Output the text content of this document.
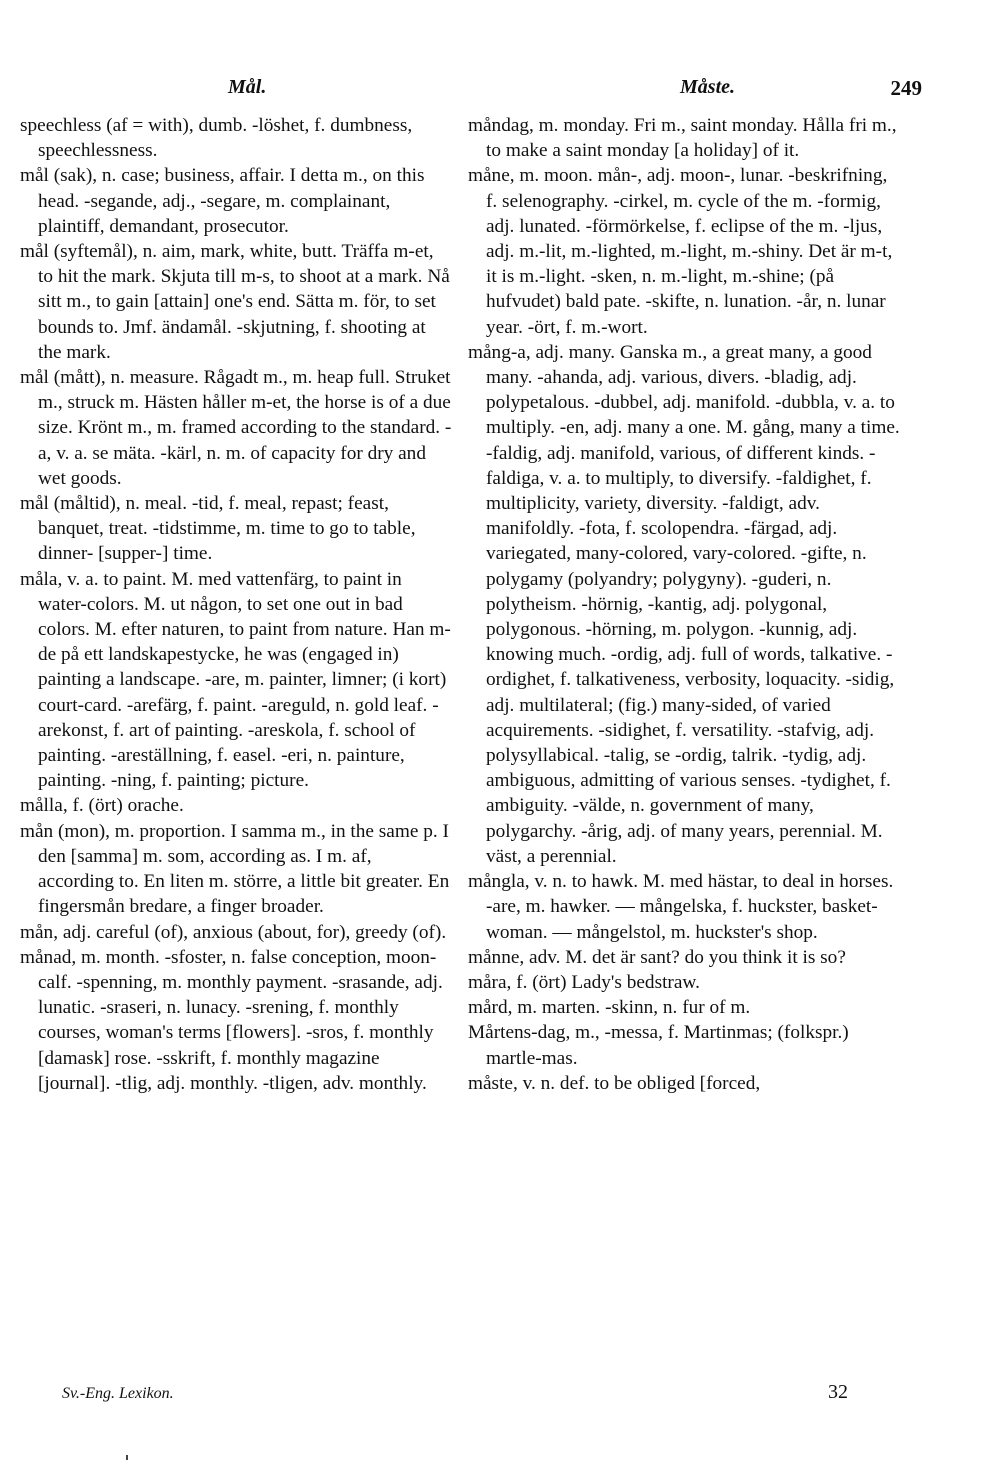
Mål.	Måste.	249

speechless (af = with), dumb. -löshet, f. dumbness, speechlessness.

mål (sak), n. case; business, affair. I detta m., on this head. -segande, adj., -segare, m. complainant, plaintiff, demandant, prosecutor.

mål (syftemål), n. aim, mark, white, butt. Träffa m-et, to hit the mark. Skjuta till m-s, to shoot at a mark. Nå sitt m., to gain [attain] one's end. Sätta m. för, to set bounds to. Jmf. ändamål. -skjutning, f. shooting at the mark.

mål (mått), n. measure. Rågadt m., m. heap full. Struket m., struck m. Hästen håller m-et, the horse is of a due size. Krönt m., m. framed according to the standard. -a, v. a. se mäta. -kärl, n. m. of capacity for dry and wet goods.

mål (måltid), n. meal. -tid, f. meal, repast; feast, banquet, treat. -tidstimme, m. time to go to table, dinner- [supper-] time.

måla, v. a. to paint. M. med vattenfärg, to paint in water-colors. M. ut någon, to set one out in bad colors. M. efter naturen, to paint from nature. Han m-de på ett landskapestycke, he was (engaged in) painting a landscape. -are, m. painter, limner; (i kort) court-card. -arefärg, f. paint. -areguld, n. gold leaf. -arekonst, f. art of painting. -areskola, f. school of painting. -areställning, f. easel. -eri, n. painture, painting. -ning, f. painting; picture.

målla, f. (ört) orache.

mån (mon), m. proportion. I samma m., in the same p. I den [samma] m. som, according as. I m. af, according to. En liten m. större, a little bit greater. En fingersmån bredare, a finger broader.

mån, adj. careful (of), anxious (about, for), greedy (of).

månad, m. month. -sfoster, n. false conception, moon-calf. -spenning, m. monthly payment. -srasande, adj. lunatic. -sraseri, n. lunacy. -srening, f. monthly courses, woman's terms [flowers]. -sros, f. monthly [damask] rose. -sskrift, f. monthly magazine [journal]. -tlig, adj. monthly. -tligen, adv. monthly.

måndag, m. monday. Fri m., saint monday. Hålla fri m., to make a saint monday [a holiday] of it.

måne, m. moon. mån-, adj. moon-, lunar. -beskrifning, f. selenography. -cirkel, m. cycle of the m. -formig, adj. lunated. -förmörkelse, f. eclipse of the m. -ljus, adj. m.-lit, m.-lighted, m.-light, m.-shiny. Det är m-t, it is m.-light. -sken, n. m.-light, m.-shine; (på hufvudet) bald pate. -skifte, n. lunation. -år, n. lunar year. -ört, f. m.-wort.

mång-a, adj. many. Ganska m., a great many, a good many. -ahanda, adj. various, divers. -bladig, adj. polypetalous. -dubbel, adj. manifold. -dubbla, v. a. to multiply. -en, adj. many a one. M. gång, many a time. -faldig, adj. manifold, various, of different kinds. -faldiga, v. a. to multiply, to diversify. -faldighet, f. multiplicity, variety, diversity. -faldigt, adv. manifoldly. -fota, f. scolopendra. -färgad, adj. variegated, many-colored, vary-colored. -gifte, n. polygamy (polyandry; polygyny). -guderi, n. polytheism. -hörnig, -kantig, adj. polygonal, polygonous. -hörning, m. polygon. -kunnig, adj. knowing much. -ordig, adj. full of words, talkative. -ordighet, f. talkativeness, verbosity, loquacity. -sidig, adj. multilateral; (fig.) many-sided, of varied acquirements. -sidighet, f. versatility. -stafvig, adj. polysyllabical. -talig, se -ordig, talrik. -tydig, adj. ambiguous, admitting of various senses. -tydighet, f. ambiguity. -välde, n. government of many, polygarchy. -årig, adj. of many years, perennial. M. väst, a perennial.

mångla, v. n. to hawk. M. med hästar, to deal in horses. -are, m. hawker. — mångelska, f. huckster, basket-woman. — mångelstol, m. huckster's shop.

månne, adv. M. det är sant? do you think it is so?

måra, f. (ört) Lady's bedstraw.

mård, m. marten. -skinn, n. fur of m.

Mårtens-dag, m., -messa, f. Martinmas; (folkspr.) martle-mas.

måste, v. n. def. to be obliged [forced,

Sv.-Eng. Lexikon.	32
